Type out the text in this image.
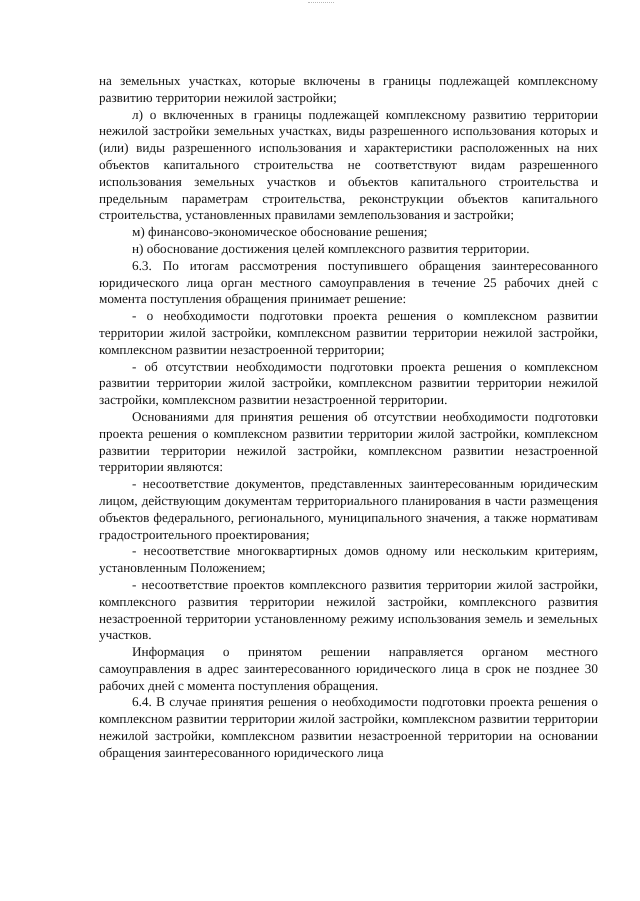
на земельных участках, которые включены в границы подлежащей комплексному развитию территории нежилой застройки;

л) о включенных в границы подлежащей комплексному развитию территории нежилой застройки земельных участках, виды разрешенного использования которых и (или) виды разрешенного использования и характеристики расположенных на них объектов капитального строительства не соответствуют видам разрешенного использования земельных участков и объектов капитального строительства и предельным параметрам строительства, реконструкции объектов капитального строительства, установленных правилами землепользования и застройки;

м) финансово-экономическое обоснование решения;

н) обоснование достижения целей комплексного развития территории.

6.3. По итогам рассмотрения поступившего обращения заинтересованного юридического лица орган местного самоуправления в течение 25 рабочих дней с момента поступления обращения принимает решение:

- о необходимости подготовки проекта решения о комплексном развитии территории жилой застройки, комплексном развитии территории нежилой застройки, комплексном развитии незастроенной территории;

- об отсутствии необходимости подготовки проекта решения о комплексном развитии территории жилой застройки, комплексном развитии территории нежилой застройки, комплексном развитии незастроенной территории.

Основаниями для принятия решения об отсутствии необходимости подготовки проекта решения о комплексном развитии территории жилой застройки, комплексном развитии территории нежилой застройки, комплексном развитии незастроенной территории являются:

- несоответствие документов, представленных заинтересованным юридическим лицом, действующим документам территориального планирования в части размещения объектов федерального, регионального, муниципального значения, а также нормативам градостроительного проектирования;

- несоответствие многоквартирных домов одному или нескольким критериям, установленным Положением;

- несоответствие проектов комплексного развития территории жилой застройки, комплексного развития территории нежилой застройки, комплексного развития незастроенной территории установленному режиму использования земель и земельных участков.

Информация о принятом решении направляется органом местного самоуправления в адрес заинтересованного юридического лица в срок не позднее 30 рабочих дней с момента поступления обращения.

6.4. В случае принятия решения о необходимости подготовки проекта решения о комплексном развитии территории жилой застройки, комплексном развитии территории нежилой застройки, комплексном развитии незастроенной территории на основании обращения заинтересованного юридического лица
